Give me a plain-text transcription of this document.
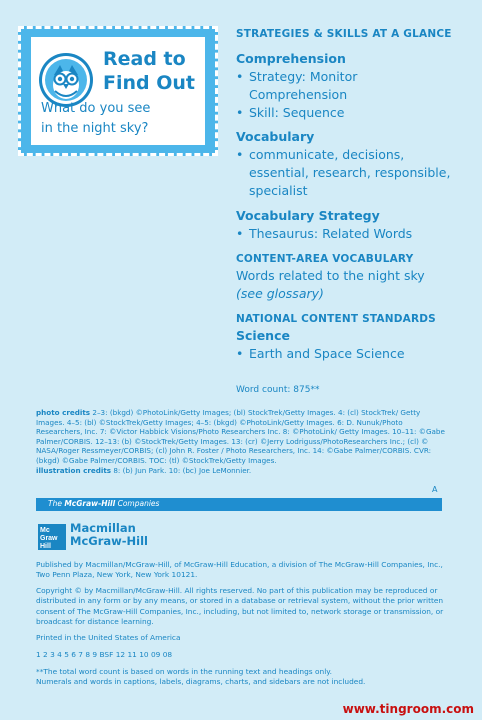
Read to
Find Out
What do you see
in the night sky?
STRATEGIES & SKILLS AT A GLANCE
Comprehension
• Strategy: Monitor
Comprehension
• Skill: Sequence
Vocabulary
• communicate, decisions,
essential, research, responsible,
specialist
Vocabulary Strategy
• Thesaurus: Related Words
CONTENT-AREA VOCABULARY
Words related to the night sky
(see glossary)
NATIONAL CONTENT STANDARDS
Science
• Earth and Space Science
Word count: 875**

photo credits 2–3: (bkgd) ©PhotoLink/Getty Images; (bl) StockTrek/Getty Images. 4: (cl) StockTrek/ Getty Images. 4–5: (bl) ©StockTrek/Getty Images; 4–5: (bkgd) ©PhotoLink/Getty Images. 6: D. Nunuk/Photo Researchers, Inc. 7: ©Victor Habbick Visions/Photo Researchers Inc. 8: ©PhotoLink/ Getty Images. 10–11: ©Gabe Palmer/CORBIS. 12–13: (b) ©StockTrek/Getty Images. 13: (cr) ©Jerry Lodriguss/PhotoResearchers Inc.; (cl) © NASA/Roger Ressmeyer/CORBIS; (cl) John R. Foster / Photo Researchers, Inc. 14: ©Gabe Palmer/CORBIS. CVR: (bkgd) ©Gabe Palmer/CORBIS. TOC: (tl) ©StockTrek/Getty Images.

illustration credits 8: (b) Jun Park. 10: (bc) Joe LeMonnier.

A
The McGraw-Hill Companies
Mc
Graw
Hill
Macmillan
McGraw-Hill
Published by Macmillan/McGraw-Hill, of McGraw-Hill Education, a division of The McGraw-Hill Companies, Inc., Two Penn Plaza, New York, New York 10121.
Copyright © by Macmillan/McGraw-Hill. All rights reserved. No part of this publication may be reproduced or distributed in any form or by any means, or stored in a database or retrieval system, without the prior written consent of The McGraw-Hill Companies, Inc., including, but not limited to, network storage or transmission, or broadcast for distance learning.
Printed in the United States of America
1 2 3 4 5 6 7 8 9 BSF 12 11 10 09 08
**The total word count is based on words in the running text and headings only.
Numerals and words in captions, labels, diagrams, charts, and sidebars are not included.
www.tingroom.com
